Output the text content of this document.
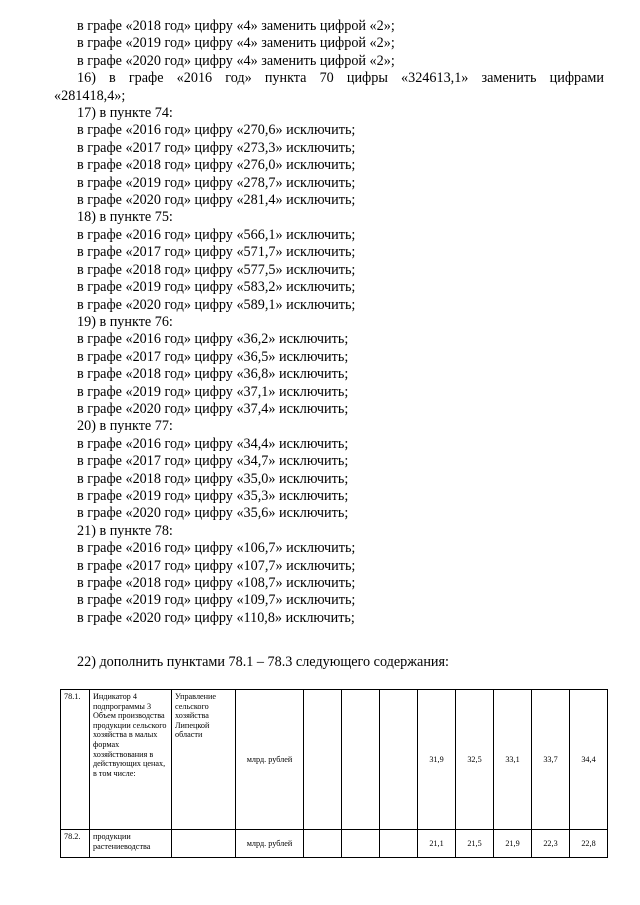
в графе «2018 год» цифру «4» заменить цифрой «2»;
в графе «2019 год» цифру «4» заменить цифрой «2»;
в графе «2020 год» цифру «4» заменить цифрой «2»;
16) в графе «2016 год» пункта 70 цифры «324613,1» заменить цифрами
«281418,4»;
17) в пункте 74:
в графе «2016 год» цифру «270,6» исключить;
в графе «2017 год» цифру «273,3» исключить;
в графе «2018 год» цифру «276,0» исключить;
в графе «2019 год» цифру «278,7» исключить;
в графе «2020 год» цифру «281,4» исключить;
18) в пункте 75:
в графе «2016 год» цифру «566,1» исключить;
в графе «2017 год» цифру «571,7» исключить;
в графе «2018 год» цифру «577,5» исключить;
в графе «2019 год» цифру «583,2» исключить;
в графе «2020 год» цифру «589,1» исключить;
19) в пункте 76:
в графе «2016 год» цифру «36,2» исключить;
в графе «2017 год» цифру «36,5» исключить;
в графе «2018 год» цифру «36,8» исключить;
в графе «2019 год» цифру «37,1» исключить;
в графе «2020 год» цифру «37,4» исключить;
20) в пункте 77:
в графе «2016 год» цифру «34,4» исключить;
в графе «2017 год» цифру «34,7» исключить;
в графе «2018 год» цифру «35,0» исключить;
в графе «2019 год» цифру «35,3» исключить;
в графе «2020 год» цифру «35,6» исключить;
21) в пункте 78:
в графе «2016 год» цифру «106,7» исключить;
в графе «2017 год» цифру «107,7» исключить;
в графе «2018 год» цифру «108,7» исключить;
в графе «2019 год» цифру «109,7» исключить;
в графе «2020 год» цифру «110,8» исключить;
22) дополнить пунктами 78.1 – 78.3 следующего содержания:
78.1.	Индикатор 4 подпрограммы 3 Объем производства продукции сельского хозяйства в малых формах хозяйствования в действующих ценах, в том числе:	Управление сельского хозяйства Липецкой области	млрд. рублей				31,9	32,5	33,1	33,7	34,4
78.2.	продукции растениеводства		млрд. рублей				21,1	21,5	21,9	22,3	22,8
